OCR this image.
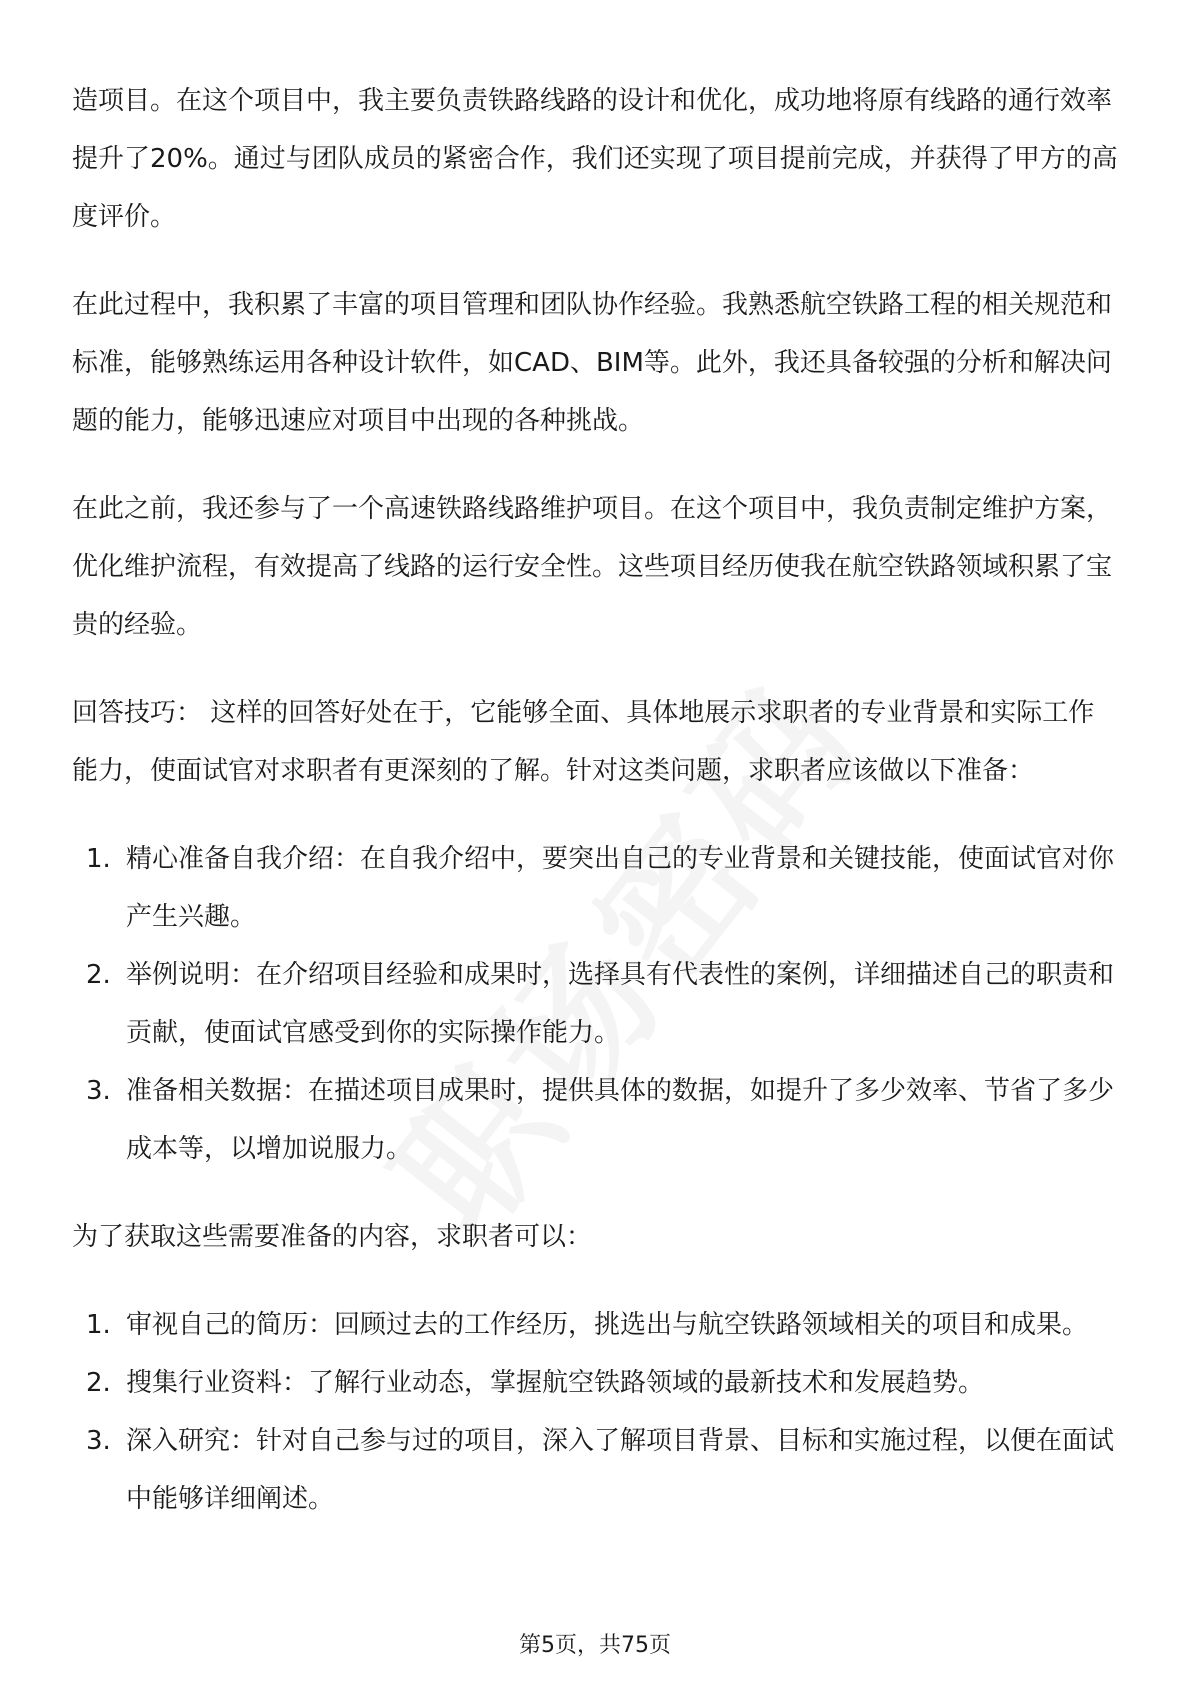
造项目。在这个项目中，我主要负责铁路线路的设计和优化，成功地将原有线路的通行效率提升了20%。通过与团队成员的紧密合作，我们还实现了项目提前完成，并获得了甲方的高度评价。

在此过程中，我积累了丰富的项目管理和团队协作经验。我熟悉航空铁路工程的相关规范和标准，能够熟练运用各种设计软件，如CAD、BIM等。此外，我还具备较强的分析和解决问题的能力，能够迅速应对项目中出现的各种挑战。

在此之前，我还参与了一个高速铁路线路维护项目。在这个项目中，我负责制定维护方案，优化维护流程，有效提高了线路的运行安全性。这些项目经历使我在航空铁路领域积累了宝贵的经验。

回答技巧： 这样的回答好处在于，它能够全面、具体地展示求职者的专业背景和实际工作能力，使面试官对求职者有更深刻的了解。针对这类问题，求职者应该做以下准备：

1. 精心准备自我介绍：在自我介绍中，要突出自己的专业背景和关键技能，使面试官对你产生兴趣。
2. 举例说明：在介绍项目经验和成果时，选择具有代表性的案例，详细描述自己的职责和贡献，使面试官感受到你的实际操作能力。
3. 准备相关数据：在描述项目成果时，提供具体的数据，如提升了多少效率、节省了多少成本等，以增加说服力。

为了获取这些需要准备的内容，求职者可以：

1. 审视自己的简历：回顾过去的工作经历，挑选出与航空铁路领域相关的项目和成果。
2. 搜集行业资料：了解行业动态，掌握航空铁路领域的最新技术和发展趋势。
3. 深入研究：针对自己参与过的项目，深入了解项目背景、目标和实施过程，以便在面试中能够详细阐述。
第5页，共75页
